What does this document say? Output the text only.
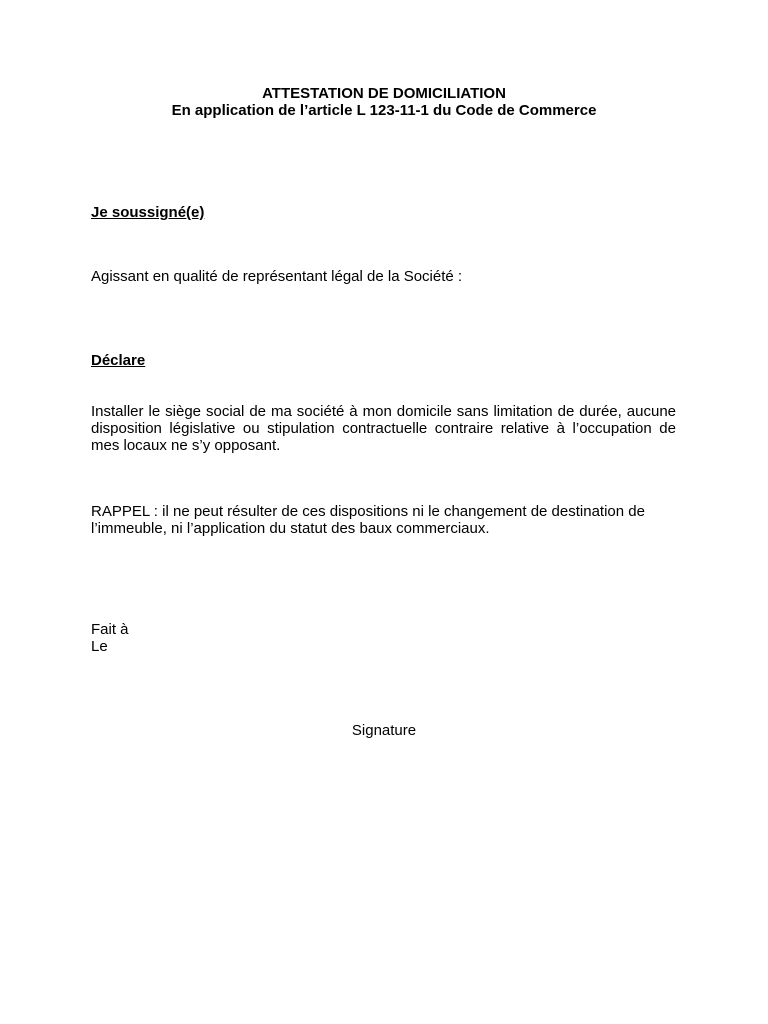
ATTESTATION DE DOMICILIATION
En application de l’article L 123-11-1 du Code de Commerce
Je soussigné(e)
Agissant en qualité de représentant légal de la Société :
Déclare
Installer le siège social de ma société à mon domicile sans limitation de durée, aucune disposition législative ou stipulation contractuelle contraire relative à l’occupation de mes locaux ne s’y opposant.
RAPPEL : il ne peut résulter de ces dispositions ni le changement de destination de l’immeuble, ni l’application du statut des baux commerciaux.
Fait à
Le
Signature
